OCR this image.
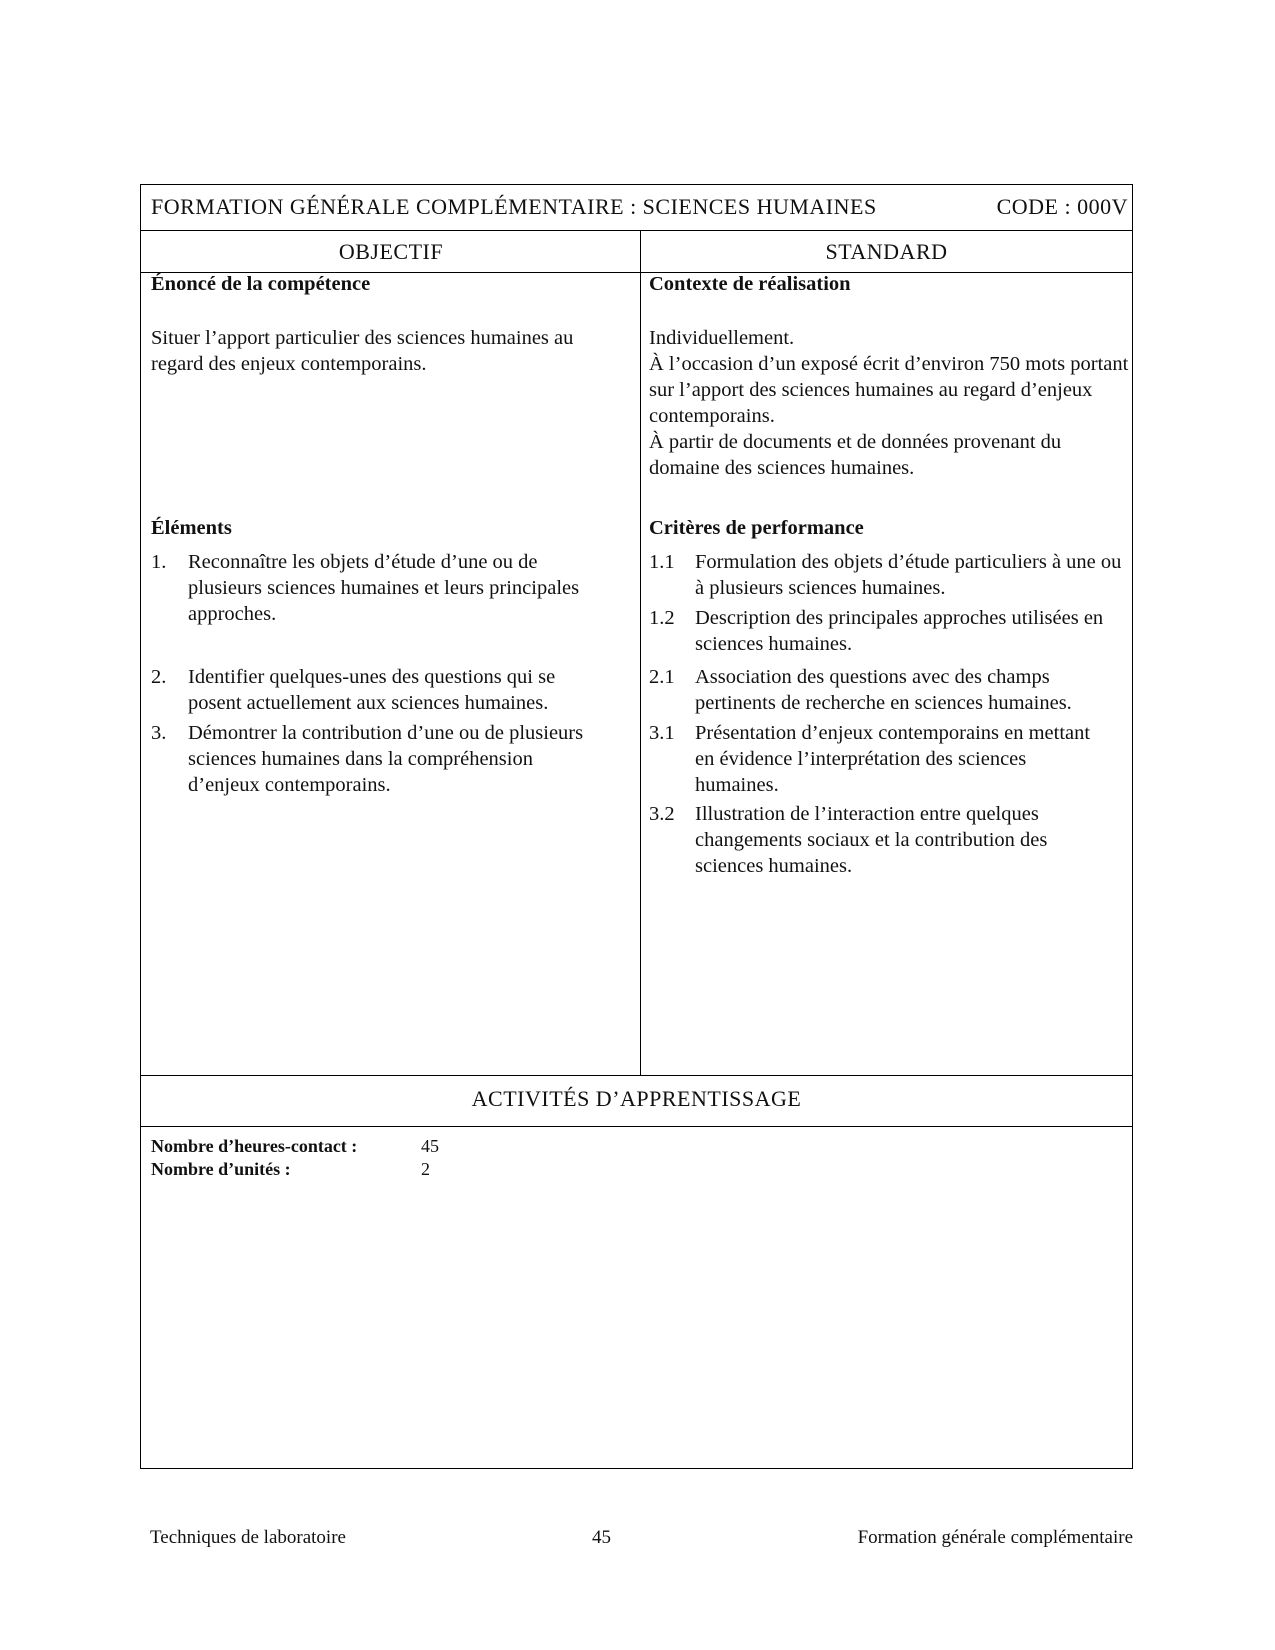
FORMATION GÉNÉRALE COMPLÉMENTAIRE : SCIENCES HUMAINES	CODE : 000V
OBJECTIF	STANDARD
Énoncé de la compétence
Situer l’apport particulier des sciences humaines au regard des enjeux contemporains.
Éléments
1. Reconnaître les objets d’étude d’une ou de plusieurs sciences humaines et leurs principales approches.
2. Identifier quelques-unes des questions qui se posent actuellement aux sciences humaines.
3. Démontrer la contribution d’une ou de plusieurs sciences humaines dans la compréhension d’enjeux contemporains.
Contexte de réalisation
Individuellement.
À l’occasion d’un exposé écrit d’environ 750 mots portant sur l’apport des sciences humaines au regard d’enjeux contemporains.
À partir de documents et de données provenant du domaine des sciences humaines.
Critères de performance
1.1 Formulation des objets d’étude particuliers à une ou à plusieurs sciences humaines.
1.2 Description des principales approches utilisées en sciences humaines.
2.1 Association des questions avec des champs pertinents de recherche en sciences humaines.
3.1 Présentation d’enjeux contemporains en mettant en évidence l’interprétation des sciences humaines.
3.2 Illustration de l’interaction entre quelques changements sociaux et la contribution des sciences humaines.
ACTIVITÉS D’APPRENTISSAGE
Nombre d’heures-contact :	45
Nombre d’unités :	2
Techniques de laboratoire	45	Formation générale complémentaire
